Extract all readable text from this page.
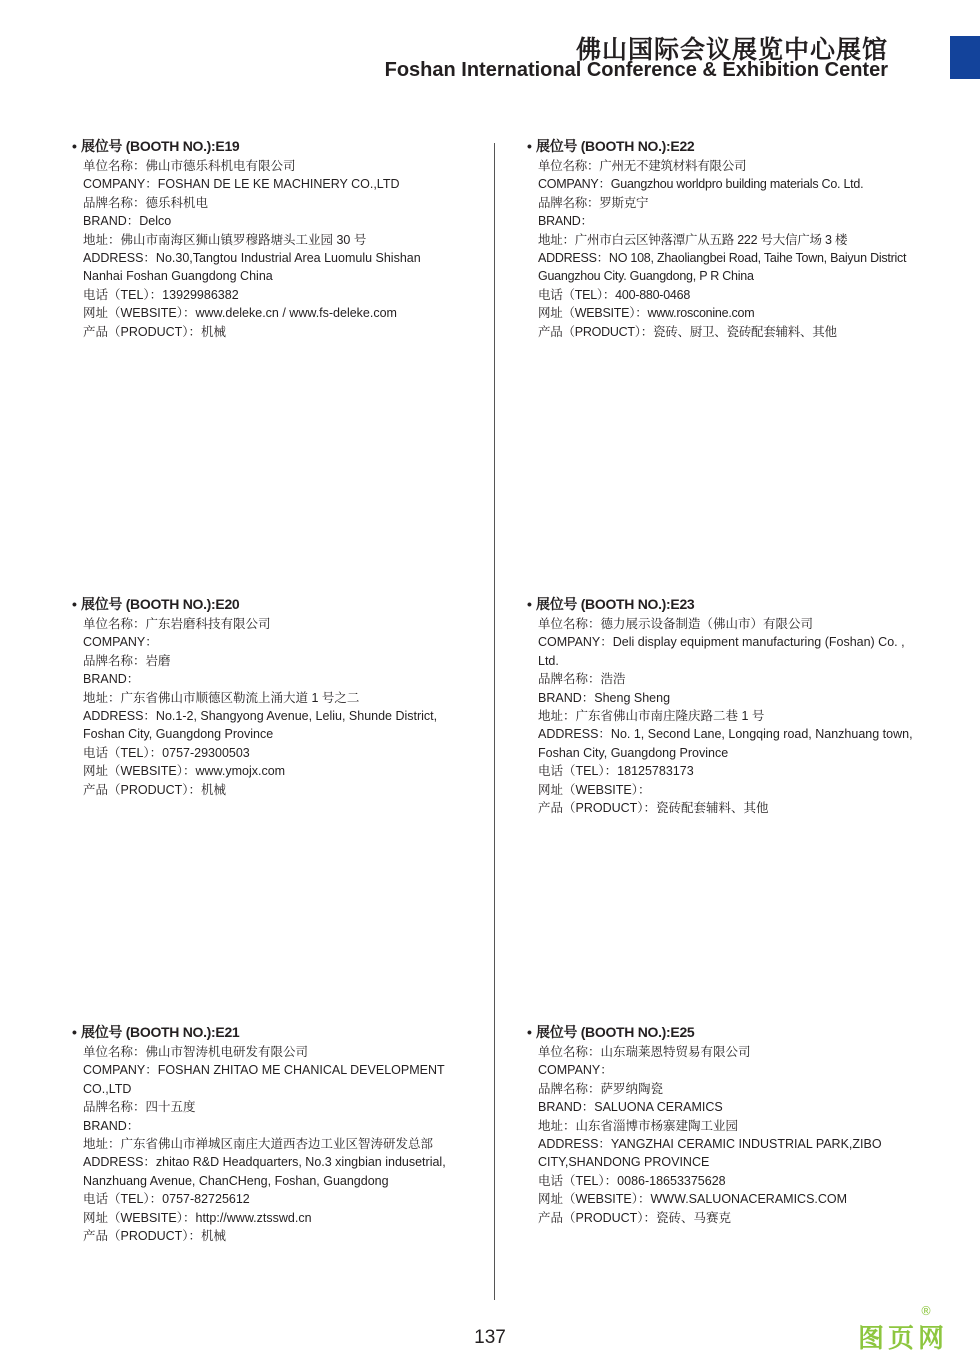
佛山国际会议展览中心展馆
Foshan International Conference & Exhibition Center
• 展位号 (BOOTH NO.):E19
单位名称：佛山市德乐科机电有限公司
COMPANY：FOSHAN DE LE KE MACHINERY CO.,LTD
品牌名称：德乐科机电
BRAND：Delco
地址：佛山市南海区狮山镇罗穆路塘头工业园 30 号
ADDRESS：No.30,Tangtou Industrial Area Luomulu Shishan
Nanhai Foshan Guangdong China
电话（TEL）：13929986382
网址（WEBSITE）：www.deleke.cn / www.fs-deleke.com
产品（PRODUCT）：机械
• 展位号 (BOOTH NO.):E22
单位名称：广州无不建筑材料有限公司
COMPANY：Guangzhou worldpro building materials Co. Ltd.
品牌名称：罗斯克宁
BRAND：
地址：广州市白云区钟落潭广从五路 222 号大信广场 3 楼
ADDRESS：NO 108, Zhaoliangbei Road, Taihe Town, Baiyun District
Guangzhou City. Guangdong, P R China
电话（TEL）：400-880-0468
网址（WEBSITE）：www.rosconine.com
产品（PRODUCT）：瓷砖、厨卫、瓷砖配套辅料、其他
• 展位号 (BOOTH NO.):E20
单位名称：广东岩磨科技有限公司
COMPANY：
品牌名称：岩磨
BRAND：
地址：广东省佛山市顺德区勒流上涌大道 1 号之二
ADDRESS：No.1-2, Shangyong Avenue, Leliu, Shunde District,
Foshan City, Guangdong Province
电话（TEL）：0757-29300503
网址（WEBSITE）：www.ymojx.com
产品（PRODUCT）：机械
• 展位号 (BOOTH NO.):E23
单位名称：德力展示设备制造（佛山市）有限公司
COMPANY：Deli display equipment manufacturing (Foshan) Co. ,
Ltd.
品牌名称：浩浩
BRAND：Sheng Sheng
地址：广东省佛山市南庄隆庆路二巷 1 号
ADDRESS：No. 1, Second Lane, Longqing road, Nanzhuang town,
Foshan City, Guangdong Province
电话（TEL）：18125783173
网址（WEBSITE）：
产品（PRODUCT）：瓷砖配套辅料、其他
• 展位号 (BOOTH NO.):E21
单位名称：佛山市智涛机电研发有限公司
COMPANY：FOSHAN ZHITAO ME CHANICAL DEVELOPMENT
CO.,LTD
品牌名称：四十五度
BRAND：
地址：广东省佛山市禅城区南庄大道西杏边工业区智涛研发总部
ADDRESS：zhitao R&D Headquarters, No.3 xingbian indusetrial,
Nanzhuang Avenue, ChanCHeng, Foshan, Guangdong
电话（TEL）：0757-82725612
网址（WEBSITE）：http://www.ztsswd.cn
产品（PRODUCT）：机械
• 展位号 (BOOTH NO.):E25
单位名称：山东瑞莱恩特贸易有限公司
COMPANY：
品牌名称：萨罗纳陶瓷
BRAND：SALUONA CERAMICS
地址：山东省淄博市杨寨建陶工业园
ADDRESS：YANGZHAI CERAMIC INDUSTRIAL PARK,ZIBO
CITY,SHANDONG PROVINCE
电话（TEL）：0086-18653375628
网址（WEBSITE）：WWW.SALUONACERAMICS.COM
产品（PRODUCT）：瓷砖、马赛克
137	图页网
®
